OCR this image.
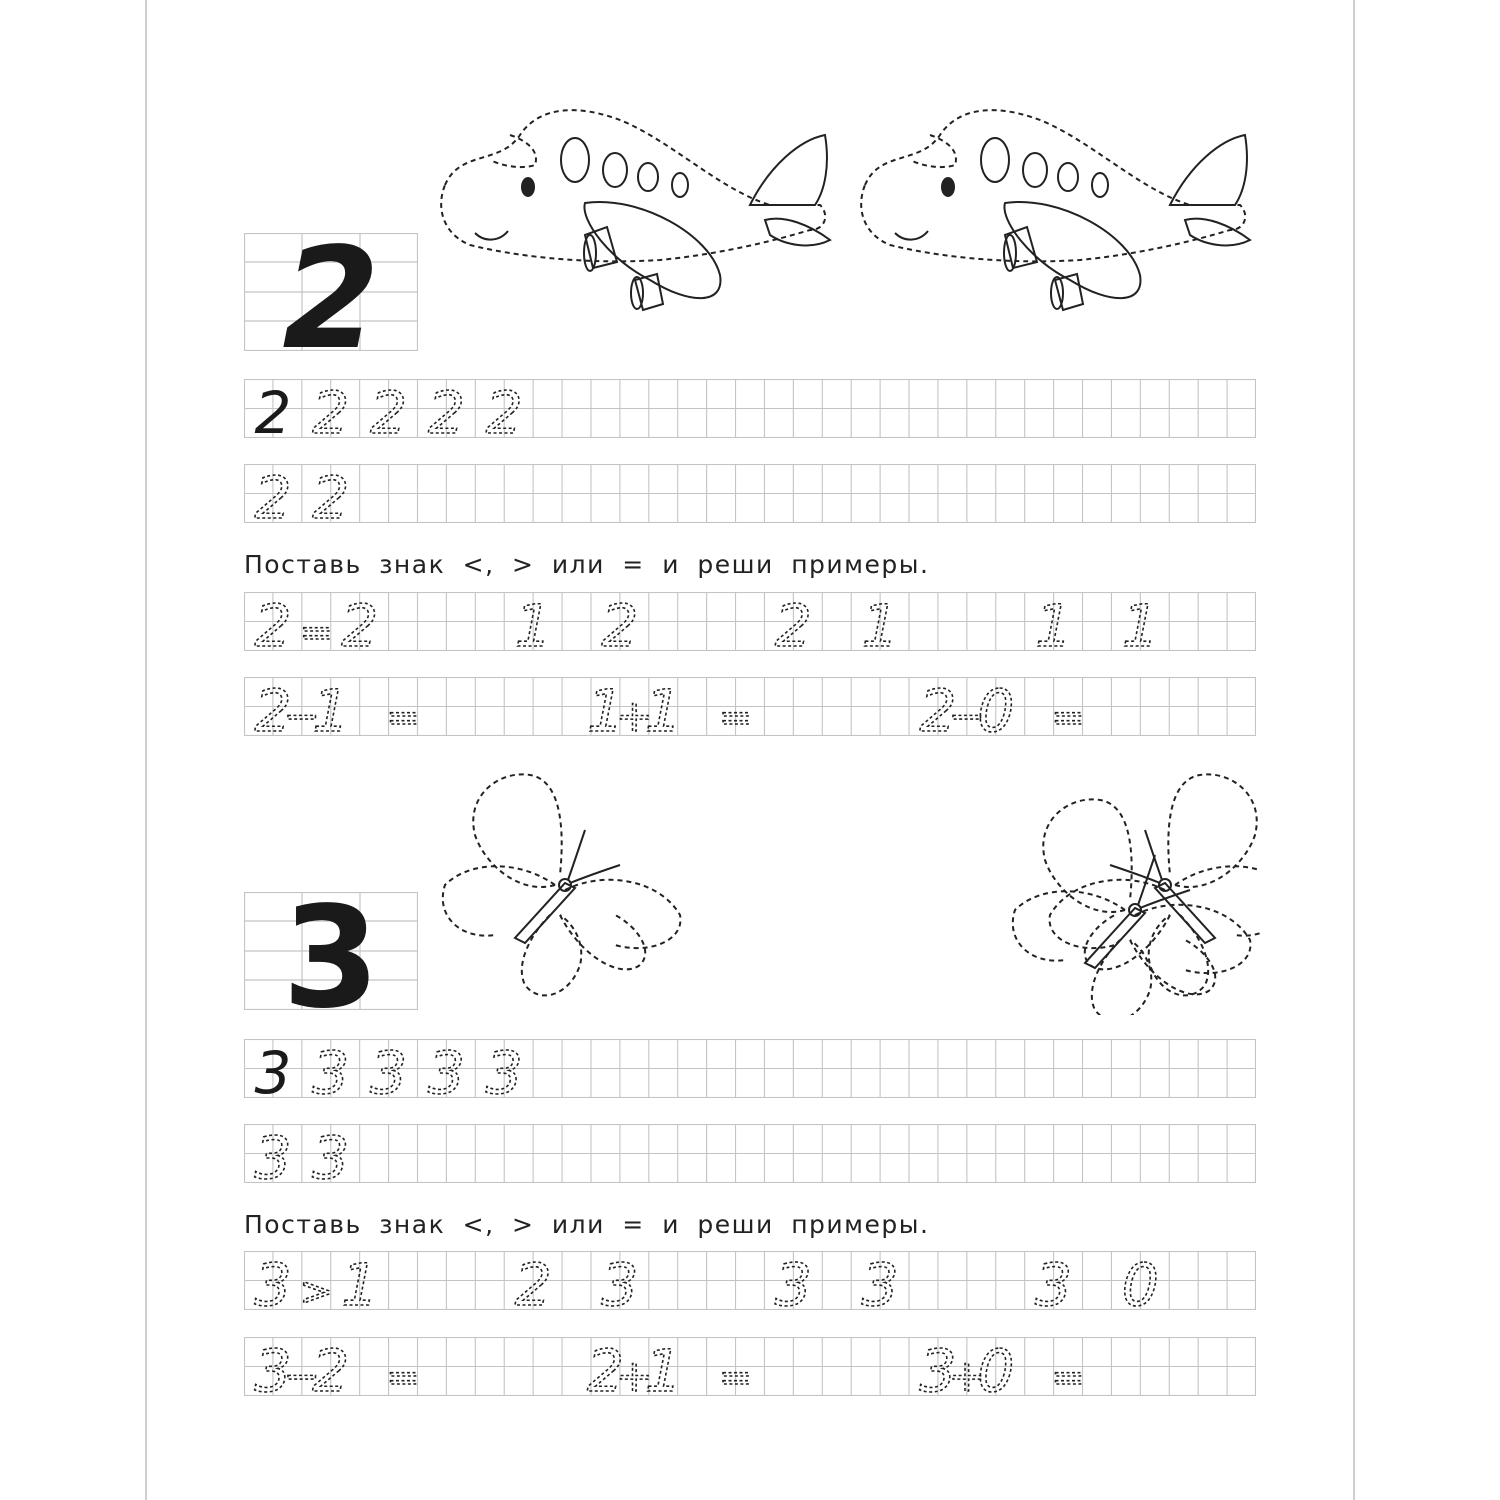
2
2 2 2 2 2
2 2
Поставь знак <, > или = и реши примеры.
2 = 2 1 2 2 1 1 1
2
−
1 =	1
+
1 =	2
−
0 =
3
3 3 3 3 3
3 3
Поставь знак <, > или = и реши примеры.
3 > 1 2 3 3 3 3 0
3
−
2 =	2
+
1 =	3
+
0 =
